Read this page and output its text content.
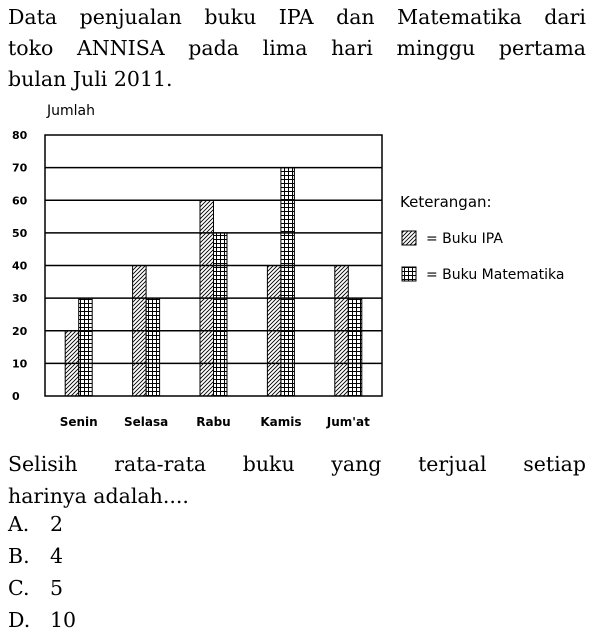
Data penjualan buku IPA dan Matematika dari
toko ANNISA pada lima hari minggu pertama
bulan Juli 2011.
0
10
20
30
40
50
60
70
80
Senin Selasa Rabu Kamis Jum'at
Jumlah
Keterangan:
= Buku IPA
= Buku Matematika
Selisih rata-rata buku yang terjual setiap
harinya adalah....
A. 2
B. 4
C. 5
D. 10
